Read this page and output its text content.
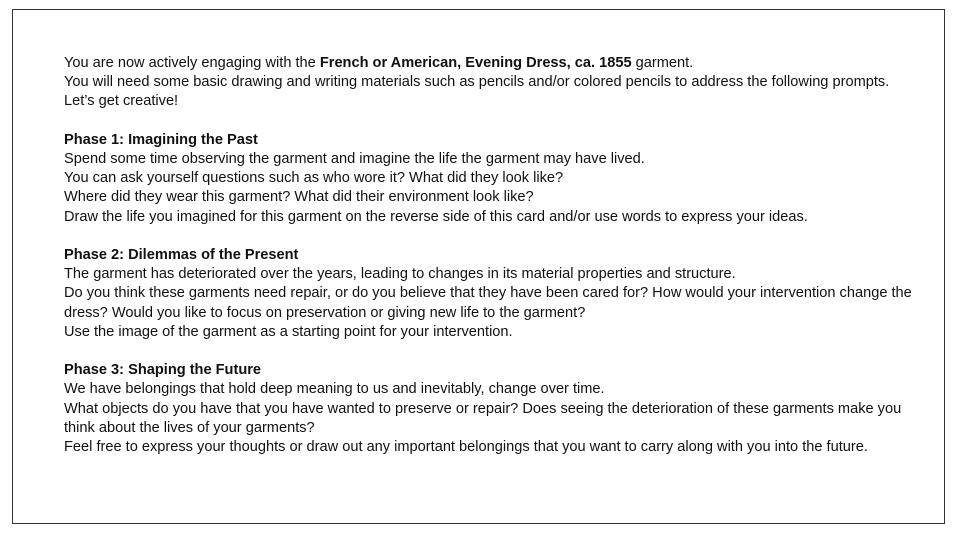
You are now actively engaging with the French or American, Evening Dress, ca. 1855 garment.

You will need some basic drawing and writing materials such as pencils and/or colored pencils to address the following prompts. Let’s get creative!

Phase 1: Imagining the Past

Spend some time observing the garment and imagine the life the garment may have lived.

You can ask yourself questions such as who wore it? What did they look like?

Where did they wear this garment? What did their environment look like?

Draw the life you imagined for this garment on the reverse side of this card and/or use words to express your ideas.

Phase 2: Dilemmas of the Present

The garment has deteriorated over the years, leading to changes in its material properties and structure.

Do you think these garments need repair, or do you believe that they have been cared for? How would your intervention change the dress? Would you like to focus on preservation or giving new life to the garment?

Use the image of the garment as a starting point for your intervention.

Phase 3: Shaping the Future

We have belongings that hold deep meaning to us and inevitably, change over time.

What objects do you have that you have wanted to preserve or repair? Does seeing the deterioration of these garments make you think about the lives of your garments?

Feel free to express your thoughts or draw out any important belongings that you want to carry along with you into the future.
